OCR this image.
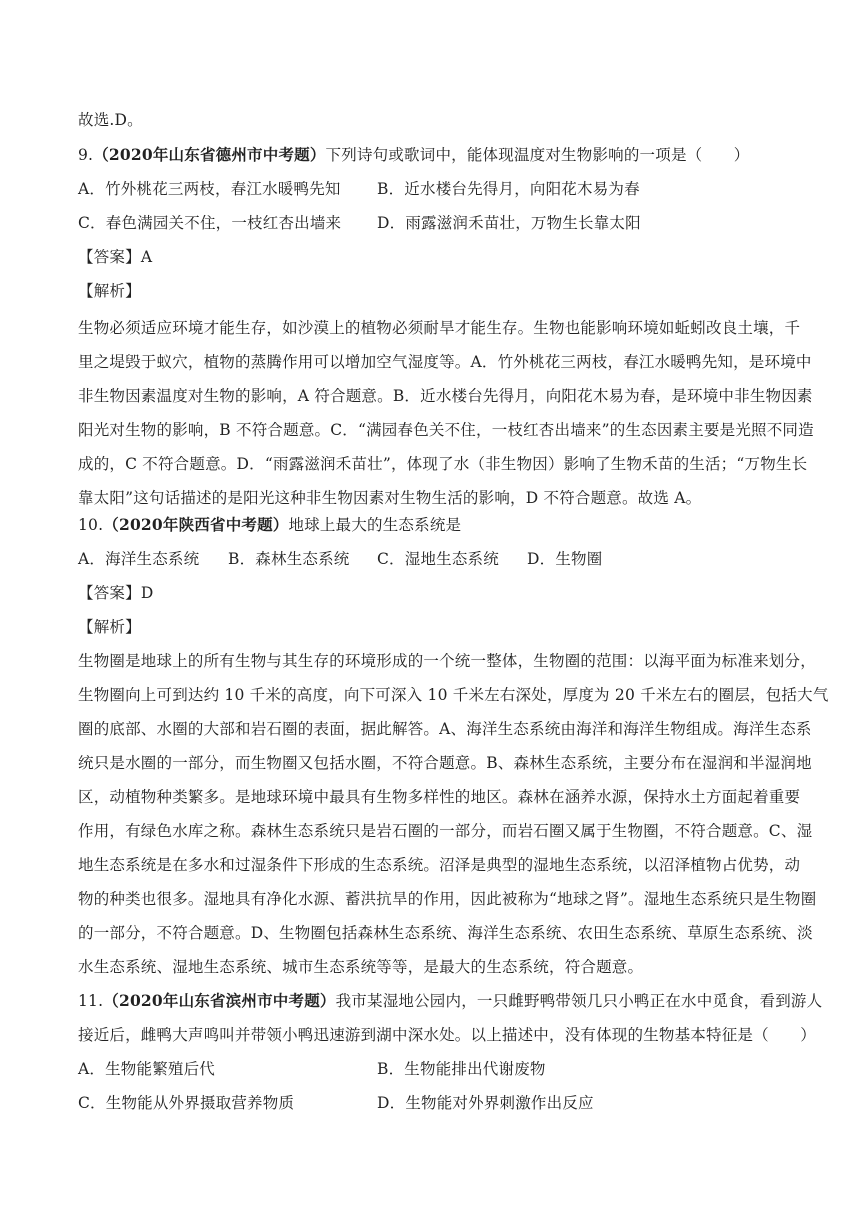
故选.D。
9.（2020年山东省德州市中考题）下列诗句或歌词中，能体现温度对生物影响的一项是（　　）
A．竹外桃花三两枝，春江水暖鸭先知 B．近水楼台先得月，向阳花木易为春
C．春色满园关不住，一枝红杏出墙来 D．雨露滋润禾苗壮，万物生长靠太阳
【答案】A
【解析】
生物必须适应环境才能生存，如沙漠上的植物必须耐旱才能生存。生物也能影响环境如蚯蚓改良土壤，千
里之堤毁于蚁穴，植物的蒸腾作用可以增加空气湿度等。A．竹外桃花三两枝，春江水暖鸭先知，是环境中
非生物因素温度对生物的影响，A 符合题意。B．近水楼台先得月，向阳花木易为春，是环境中非生物因素
阳光对生物的影响，B 不符合题意。C．“满园春色关不住，一枝红杏出墙来”的生态因素主要是光照不同造
成的，C 不符合题意。D．“雨露滋润禾苗壮”，体现了水（非生物因）影响了生物禾苗的生活；“万物生长
靠太阳”这句话描述的是阳光这种非生物因素对生物生活的影响，D 不符合题意。故选 A。
10.（2020年陕西省中考题）地球上最大的生态系统是
A．海洋生态系统 B．森林生态系统 C．湿地生态系统 D．生物圈
【答案】D
【解析】
生物圈是地球上的所有生物与其生存的环境形成的一个统一整体，生物圈的范围：以海平面为标准来划分，
生物圈向上可到达约 10 千米的高度，向下可深入 10 千米左右深处，厚度为 20 千米左右的圈层，包括大气
圈的底部、水圈的大部和岩石圈的表面，据此解答。A、海洋生态系统由海洋和海洋生物组成。海洋生态系
统只是水圈的一部分，而生物圈又包括水圈，不符合题意。B、森林生态系统，主要分布在湿润和半湿润地
区，动植物种类繁多。是地球环境中最具有生物多样性的地区。森林在涵养水源，保持水土方面起着重要
作用，有绿色水库之称。森林生态系统只是岩石圈的一部分，而岩石圈又属于生物圈，不符合题意。C、湿
地生态系统是在多水和过湿条件下形成的生态系统。沼泽是典型的湿地生态系统，以沼泽植物占优势，动
物的种类也很多。湿地具有净化水源、蓄洪抗旱的作用，因此被称为“地球之肾”。湿地生态系统只是生物圈
的一部分，不符合题意。D、生物圈包括森林生态系统、海洋生态系统、农田生态系统、草原生态系统、淡
水生态系统、湿地生态系统、城市生态系统等等，是最大的生态系统，符合题意。
11.（2020年山东省滨州市中考题）我市某湿地公园内，一只雌野鸭带领几只小鸭正在水中觅食，看到游人
接近后，雌鸭大声鸣叫并带领小鸭迅速游到湖中深水处。以上描述中，没有体现的生物基本特征是（　　）
A．生物能繁殖后代	B．生物能排出代谢废物
C．生物能从外界摄取营养物质	D．生物能对外界刺激作出反应
